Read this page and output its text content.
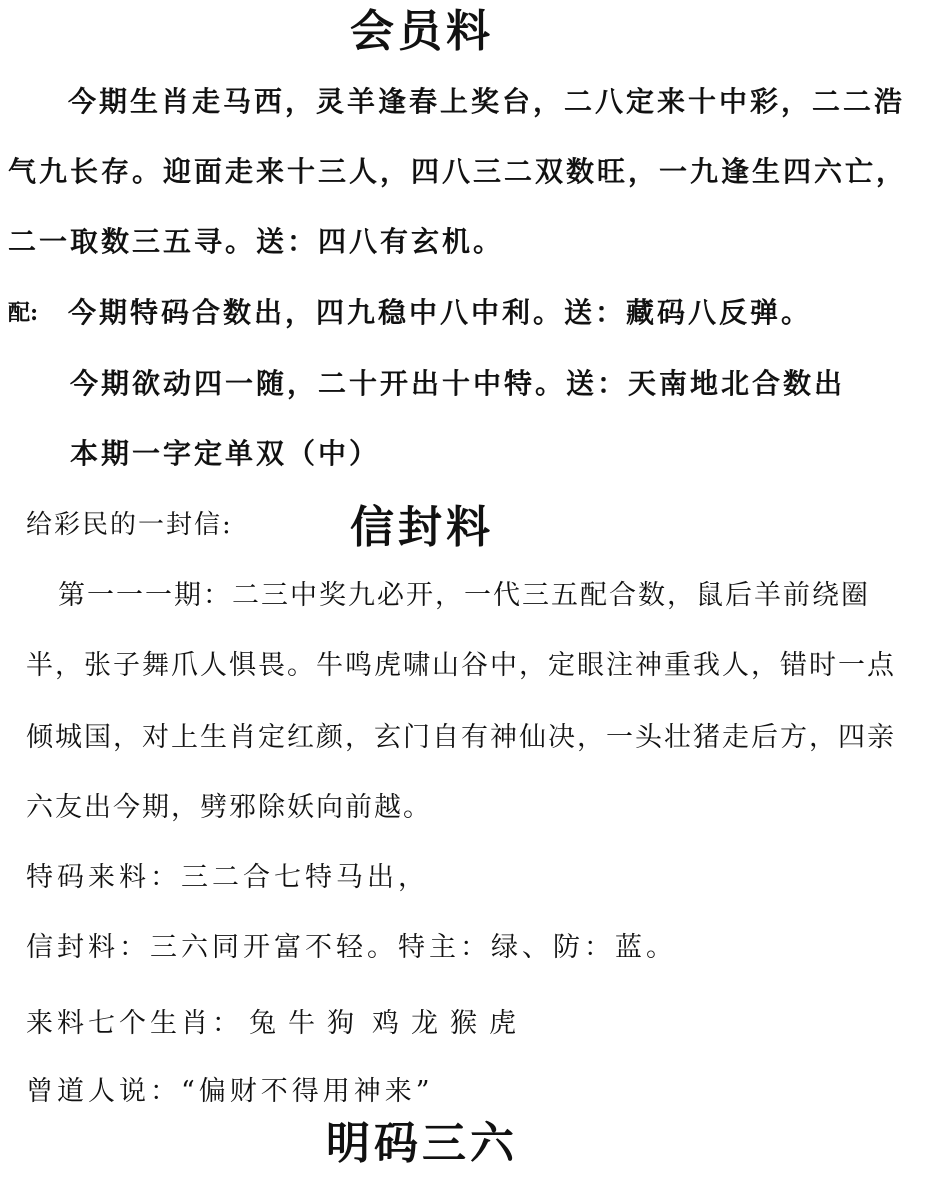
会员料
今期生肖走马西，灵羊逢春上奖台，二八定来十中彩，二二浩
气九长存。迎面走来十三人，四八三二双数旺，一九逢生四六亡，
二一取数三五寻。送：四八有玄机。
配: 今期特码合数出，四九稳中八中利。送：藏码八反弹。
今期欲动四一随，二十开出十中特。送：天南地北合数出
本期一字定单双（中）
给彩民的一封信:	信封料
第一一一期：二三中奖九必开，一代三五配合数，鼠后羊前绕圈
半，张子舞爪人惧畏。牛鸣虎啸山谷中，定眼注神重我人，错时一点
倾城国，对上生肖定红颜，玄门自有神仙决，一头壮猪走后方，四亲
六友出今期，劈邪除妖向前越。
特码来料：三二合七特马出，
信封料：三六同开富不轻。特主：绿、防：蓝。
来料七个生肖： 兔 牛 狗 鸡 龙 猴 虎
曾道人说：“偏财不得用神来”
明码三六
